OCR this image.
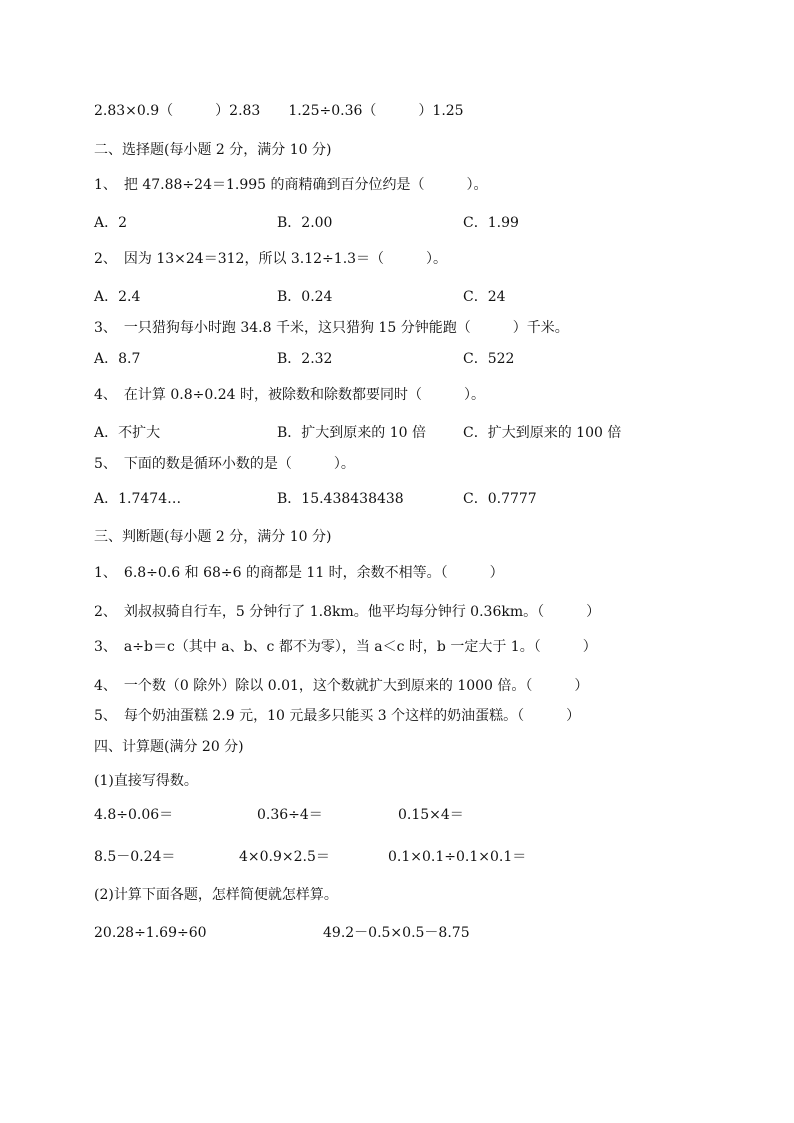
2.83×0.9（　　　）2.83　　1.25÷0.36（　　　）1.25
二、选择题(每小题 2 分，满分 10 分)
1、　把 47.88÷24＝1.995 的商精确到百分位约是（　　　）。
A．2	B．2.00	C．1.99
2、　因为 13×24＝312，所以 3.12÷1.3＝（　　　）。
A．2.4	B．0.24	C．24
3、　一只猎狗每小时跑 34.8 千米，这只猎狗 15 分钟能跑（　　　）千米。
A．8.7	B．2.32	C．522
4、　在计算 0.8÷0.24 时，被除数和除数都要同时（　　　）。
A．不扩大	B．扩大到原来的 10 倍	C．扩大到原来的 100 倍
5、　下面的数是循环小数的是（　　　）。
A．1.7474…	B．15.438438438	C．0.7777
三、判断题(每小题 2 分，满分 10 分)
1、　6.8÷0.6 和 68÷6 的商都是 11 时，余数不相等。（　　　）
2、　刘叔叔骑自行车，5 分钟行了 1.8km。他平均每分钟行 0.36km。（　　　）
3、　a÷b＝c（其中 a、b、c 都不为零），当 a＜c 时，b 一定大于 1。（　　　）
4、　一个数（0 除外）除以 0.01，这个数就扩大到原来的 1000 倍。（　　　）
5、　每个奶油蛋糕 2.9 元，10 元最多只能买 3 个这样的奶油蛋糕。（　　　）
四、计算题(满分 20 分)
(1)直接写得数。
4.8÷0.06＝	0.36÷4＝	0.15×4＝
8.5－0.24＝	4×0.9×2.5＝	0.1×0.1÷0.1×0.1＝
(2)计算下面各题，怎样简便就怎样算。
20.28÷1.69÷60	49.2－0.5×0.5－8.75
